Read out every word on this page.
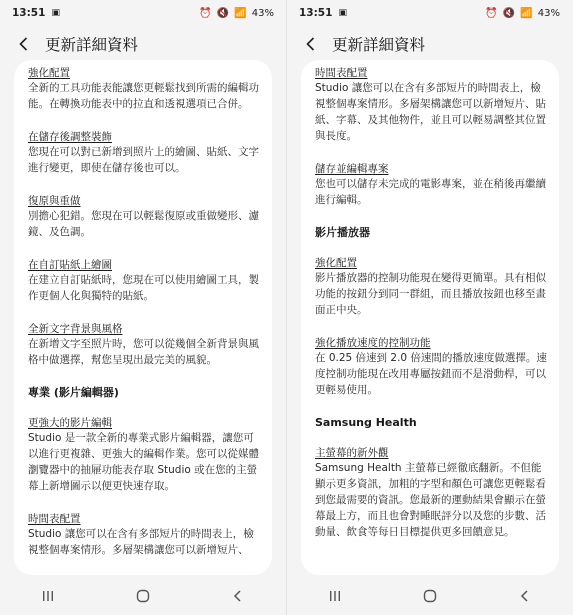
13:51 ▣	⏰ 🔇 📶 43%
更新詳細資料
強化配置
全新的工具功能表能讓您更輕鬆找到所需的編輯功能。在轉換功能表中的拉直和透視選項已合併。
在儲存後調整裝飾
您現在可以對已新增到照片上的繪圖、貼紙、文字進行變更，即使在儲存後也可以。
復原與重做
別擔心犯錯。您現在可以輕鬆復原或重做變形、濾鏡、及色調。
在自訂貼紙上繪圖
在建立自訂貼紙時，您現在可以使用繪圖工具，製作更個人化與獨特的貼紙。
全新文字背景與風格
在新增文字至照片時，您可以從幾個全新背景與風格中做選擇，幫您呈現出最完美的風貌。
專業 (影片編輯器)
更強大的影片編輯
Studio 是一款全新的專業式影片編輯器，讓您可以進行更複雜、更強大的編輯作業。您可以從媒體瀏覽器中的抽屜功能表存取 Studio 或在您的主螢幕上新增圖示以便更快速存取。
時間表配置
Studio 讓您可以在含有多部短片的時間表上，檢視整個專案情形。多層架構讓您可以新增短片、
13:51 ▣	⏰ 🔇 📶 43%
更新詳細資料
時間表配置
Studio 讓您可以在含有多部短片的時間表上，檢視整個專案情形。多層架構讓您可以新增短片、貼紙、字幕、及其他物件，並且可以輕易調整其位置與長度。
儲存並編輯專案
您也可以儲存未完成的電影專案，並在稍後再繼續進行編輯。
影片播放器
強化配置
影片播放器的控制功能現在變得更簡單。具有相似功能的按鈕分到同一群組，而且播放按鈕也移至畫面正中央。
強化播放速度的控制功能
在 0.25 倍速到 2.0 倍速間的播放速度做選擇。速度控制功能現在改用專屬按鈕而不是滑動桿，可以更輕易使用。
Samsung Health
主螢幕的新外觀
Samsung Health 主螢幕已經徹底翻新。不但能顯示更多資訊，加粗的字型和顏色可讓您更輕鬆看到您最需要的資訊。您最新的運動結果會顯示在螢幕最上方，而且也會對睡眠評分以及您的步數、活動量、飲食等每日目標提供更多回饋意見。
